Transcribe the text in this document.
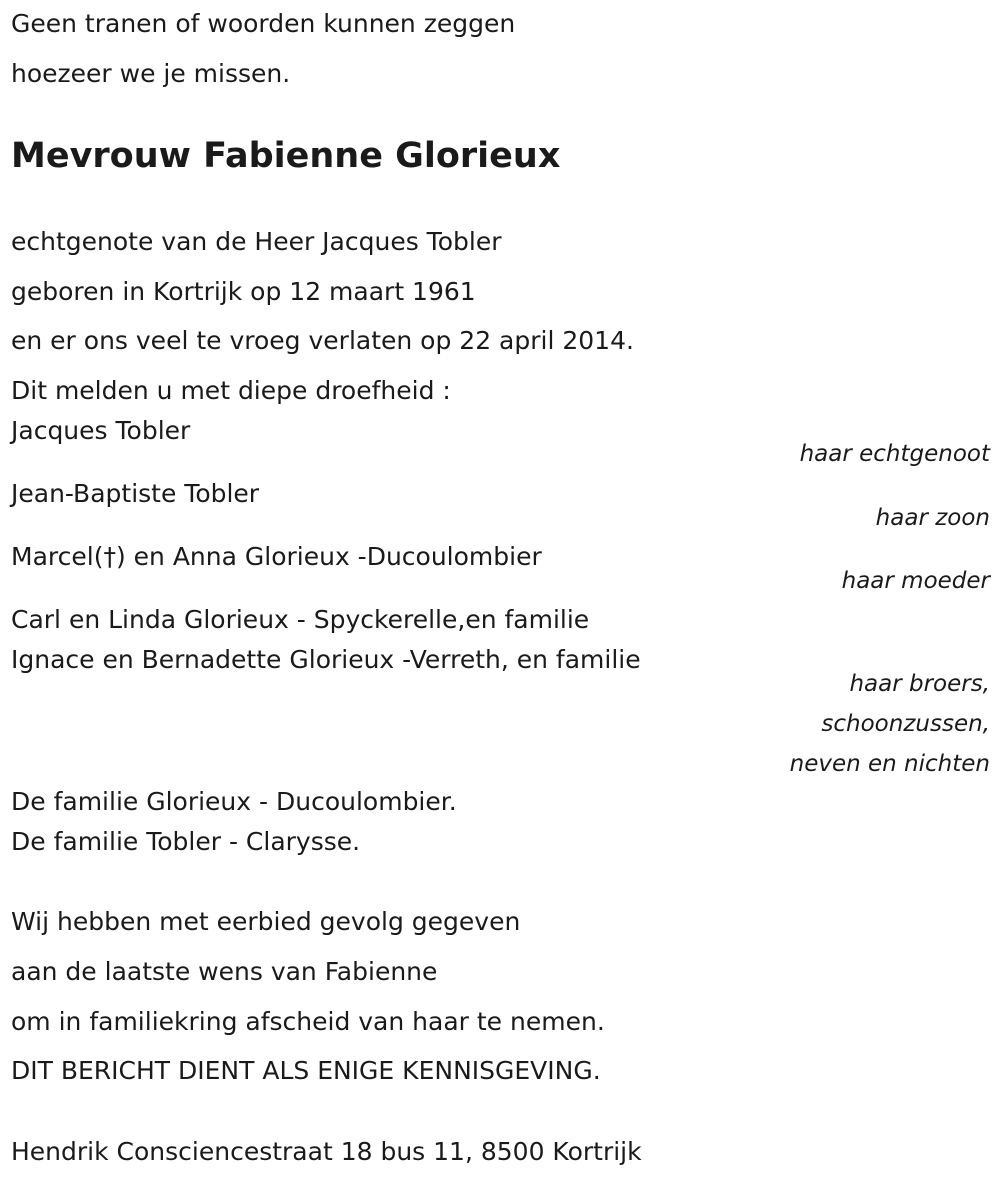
Geen tranen of woorden kunnen zeggen
hoezeer we je missen.
Mevrouw Fabienne Glorieux
echtgenote van de Heer Jacques Tobler
geboren in Kortrijk op 12 maart 1961
en er ons veel te vroeg verlaten op 22 april 2014.
Dit melden u met diepe droefheid :
Jacques Tobler
haar echtgenoot
Jean-Baptiste Tobler
haar zoon
Marcel(†) en Anna Glorieux -Ducoulombier
haar moeder
Carl en Linda Glorieux - Spyckerelle,en familie
Ignace en Bernadette Glorieux -Verreth, en familie
haar broers,
schoonzussen,
neven en nichten
De familie Glorieux - Ducoulombier.
De familie Tobler - Clarysse.
Wij hebben met eerbied gevolg gegeven
aan de laatste wens van Fabienne
om in familiekring afscheid van haar te nemen.
DIT BERICHT DIENT ALS ENIGE KENNISGEVING.
Hendrik Consciencestraat 18 bus 11, 8500 Kortrijk
